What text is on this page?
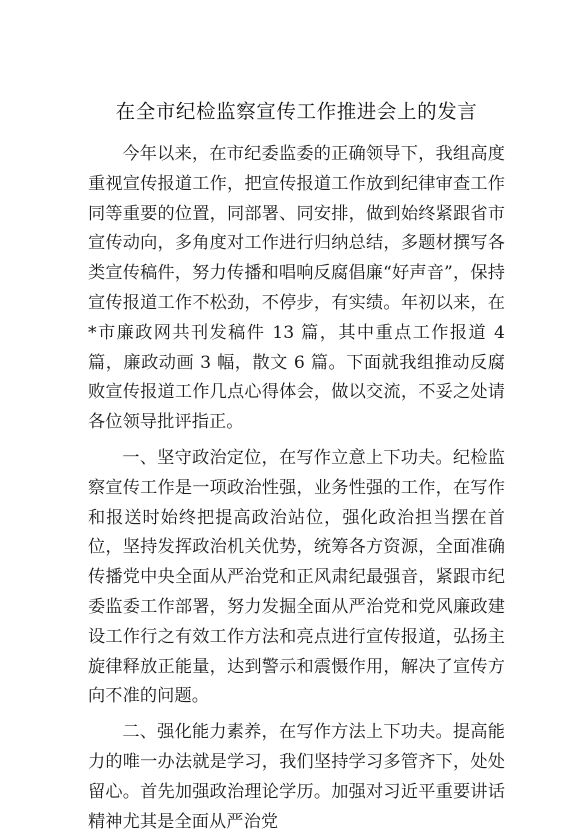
在全市纪检监察宣传工作推进会上的发言

今年以来，在市纪委监委的正确领导下，我组高度重视宣传报道工作，把宣传报道工作放到纪律审查工作同等重要的位置，同部署、同安排，做到始终紧跟省市宣传动向，多角度对工作进行归纳总结，多题材撰写各类宣传稿件，努力传播和唱响反腐倡廉“好声音”，保持宣传报道工作不松劲，不停步，有实绩。年初以来，在*市廉政网共刊发稿件 13 篇，其中重点工作报道 4 篇，廉政动画 3 幅，散文 6 篇。下面就我组推动反腐败宣传报道工作几点心得体会，做以交流，不妥之处请各位领导批评指正。

一、坚守政治定位，在写作立意上下功夫。纪检监察宣传工作是一项政治性强，业务性强的工作，在写作和报送时始终把提高政治站位，强化政治担当摆在首位，坚持发挥政治机关优势，统筹各方资源，全面准确传播党中央全面从严治党和正风肃纪最强音，紧跟市纪委监委工作部署，努力发掘全面从严治党和党风廉政建设工作行之有效工作方法和亮点进行宣传报道，弘扬主旋律释放正能量，达到警示和震慑作用，解决了宣传方向不准的问题。

二、强化能力素养，在写作方法上下功夫。提高能力的唯一办法就是学习，我们坚持学习多管齐下，处处留心。首先加强政治理论学历。加强对习近平重要讲话精神尤其是全面从严治党
